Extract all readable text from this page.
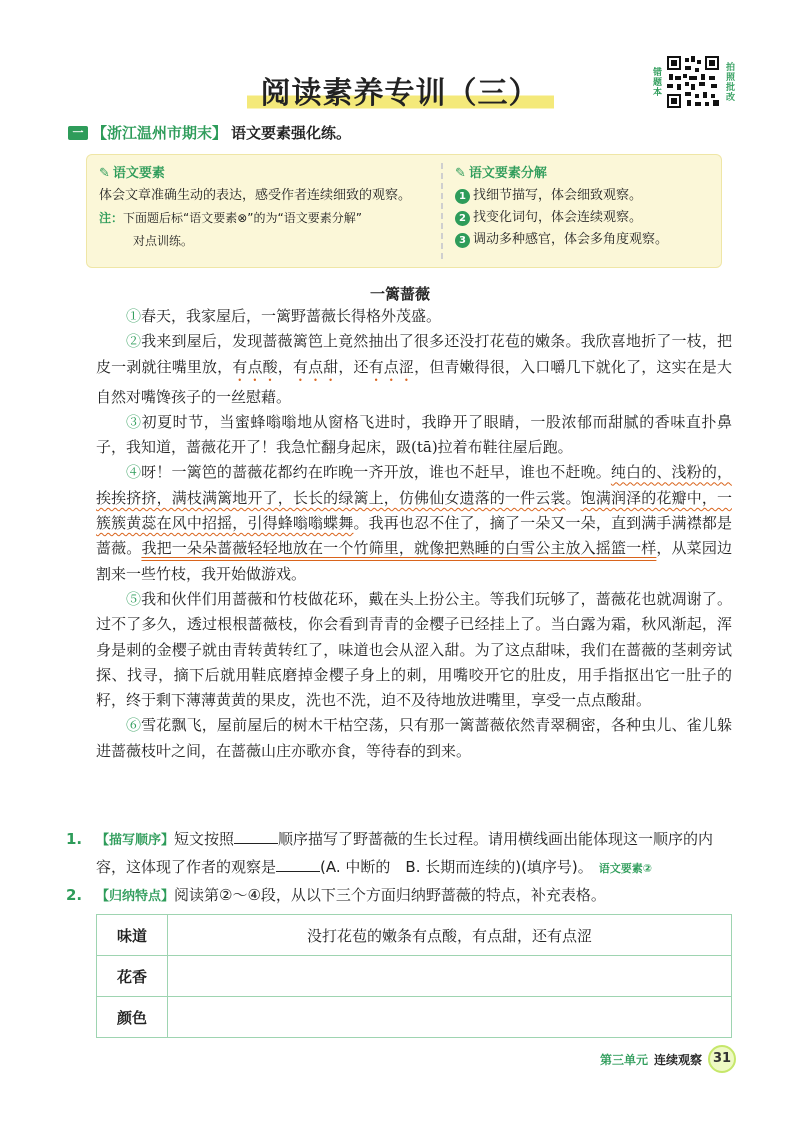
阅读素养专训（三）	错题本	拍照批改
一 【浙江温州市期末】 语文要素强化练。
✎ 语文要素
体会文章准确生动的表达，感受作者连续细致的观察。
注：下面题后标“语文要素⊗”的为“语文要素分解”
对点训练。
✎ 语文要素分解
1 找细节描写，体会细致观察。
2 找变化词句，体会连续观察。
3 调动多种感官，体会多角度观察。
一篱蔷薇

①春天，我家屋后，一篱野蔷薇长得格外茂盛。

②我来到屋后，发现蔷薇篱笆上竟然抽出了很多还没打花苞的嫩条。我欣喜地折了一枝，把皮一剥就往嘴里放，有点酸，有点甜，还有点涩，但青嫩得很，入口嚼几下就化了，这实在是大自然对嘴馋孩子的一丝慰藉。

③初夏时节，当蜜蜂嗡嗡地从窗格飞进时，我睁开了眼睛，一股浓郁而甜腻的香味直扑鼻子，我知道，蔷薇花开了！我急忙翻身起床，趿(tā)拉着布鞋往屋后跑。

④呀！一篱笆的蔷薇花都约在昨晚一齐开放，谁也不赶早，谁也不赶晚。纯白的、浅粉的，挨挨挤挤，满枝满篱地开了，长长的绿篱上，仿佛仙女遗落的一件云裳。饱满润泽的花瓣中，一簇簇黄蕊在风中招摇，引得蜂嗡嗡蝶舞。我再也忍不住了，摘了一朵又一朵，直到满手满襟都是蔷薇。我把一朵朵蔷薇轻轻地放在一个竹筛里，就像把熟睡的白雪公主放入摇篮一样，从菜园边割来一些竹枝，我开始做游戏。

⑤我和伙伴们用蔷薇和竹枝做花环，戴在头上扮公主。等我们玩够了，蔷薇花也就凋谢了。过不了多久，透过根根蔷薇枝，你会看到青青的金樱子已经挂上了。当白露为霜，秋风渐起，浑身是刺的金樱子就由青转黄转红了，味道也会从涩入甜。为了这点甜味，我们在蔷薇的茎刺旁试探、找寻，摘下后就用鞋底磨掉金樱子身上的刺，用嘴咬开它的肚皮，用手指抠出它一肚子的籽，终于剩下薄薄黄黄的果皮，洗也不洗，迫不及待地放进嘴里，享受一点点酸甜。

⑥雪花飘飞，屋前屋后的树木干枯空荡，只有那一篱蔷薇依然青翠稠密，各种虫儿、雀儿躲进蔷薇枝叶之间，在蔷薇山庄亦歌亦食，等待春的到来。

1. 【描写顺序】短文按照	顺序描写了野蔷薇的生长过程。请用横线画出能体现这一顺序的内容，这体现了作者的观察是	(A. 中断的　B. 长期而连续的)(填序号)。 语文要素②

2. 【归纳特点】阅读第②～④段，从以下三个方面归纳野蔷薇的特点，补充表格。

味道	没打花苞的嫩条有点酸，有点甜，还有点涩
花香	
颜色	
第三单元 连续观察 31
